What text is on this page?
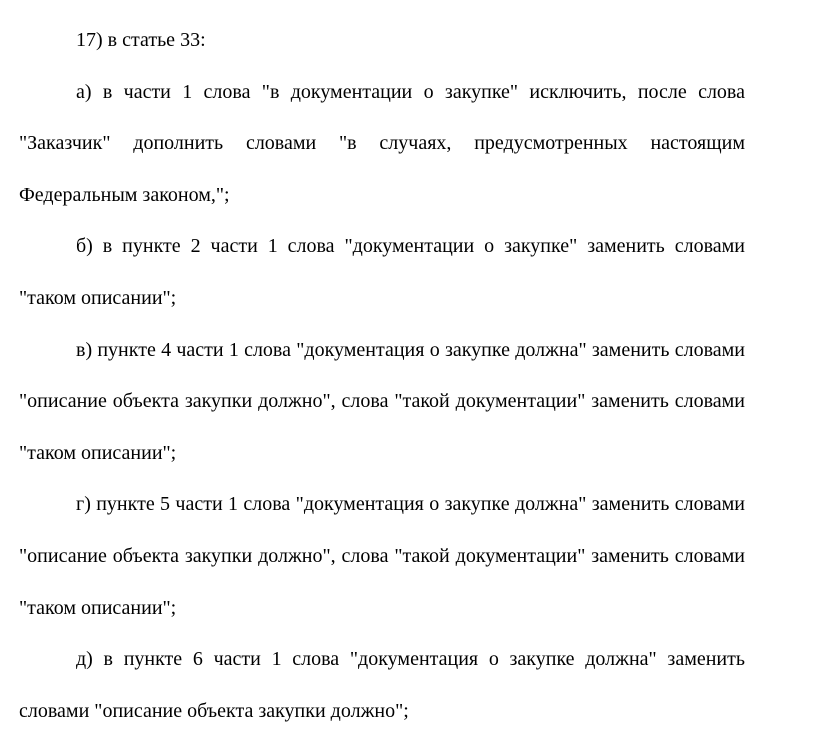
17) в статье 33:

а) в части 1 слова "в документации о закупке" исключить, после слова "Заказчик" дополнить словами "в случаях, предусмотренных настоящим Федеральным законом,";

б) в пункте 2 части 1 слова "документации о закупке" заменить словами "таком описании";

в) пункте 4 части 1 слова "документация о закупке должна" заменить словами "описание объекта закупки должно", слова "такой документации" заменить словами "таком описании";

г) пункте 5 части 1 слова "документация о закупке должна" заменить словами "описание объекта закупки должно", слова "такой документации" заменить словами "таком описании";

д) в пункте 6 части 1 слова "документация о закупке должна" заменить словами "описание объекта закупки должно";
